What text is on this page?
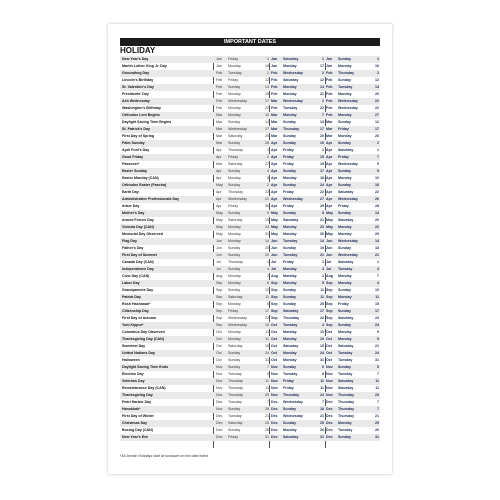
IMPORTANT DATES
HOLIDAY
New Year's Day	Jan	Friday	1 Jan	Saturday	1 Jan	Sunday	1
Martin Luther King Jr. Day	Jan	Monday	18 Jan	Monday	17 Jan	Monday	16
Groundhog Day	Feb	Tuesday	2 Feb	Wednesday	2 Feb	Thursday	2
Lincoln's Birthday	Feb	Friday	12 Feb	Saturday	12 Feb	Sunday	12
St. Valentine's Day	Feb	Sunday	14 Feb	Monday	14 Feb	Tuesday	14
Presidents' Day	Feb	Monday	15 Feb	Monday	21 Feb	Monday	20
Ash Wednesday	Feb	Wednesday	17 Mar	Wednesday	2 Feb	Wednesday	22
Washington's Birthday	Feb	Monday	22 Feb	Tuesday	22 Feb	Wednesday	22
Orthodox Lent Begins	Mar	Monday	15 Mar	Monday	7 Feb	Monday	27
Daylight Saving Time Begins	Mar	Sunday	14 Mar	Sunday	13 Mar	Sunday	12
St. Patrick's Day	Mar	Wednesday	17 Mar	Thursday	17 Mar	Friday	17
First Day of Spring	Mar	Saturday	20 Mar	Sunday	20 Mar	Monday	20
Palm Sunday	Mar	Sunday	28 Apr	Sunday	10 Apr	Sunday	2
April Fool's Day	Apr	Thursday	1 Apr	Friday	1 Apr	Saturday	1
Good Friday	Apr	Friday	2 Apr	Friday	15 Apr	Friday	7
Passover*	Mar	Saturday	27 Apr	Friday	15 Apr	Wednesday	5
Easter Sunday	Apr	Sunday	4 Apr	Sunday	17 Apr	Sunday	9
Easter Monday (CAN)	Apr	Monday	5 Apr	Monday	18 Apr	Monday	10
Orthodox Easter (Pascha)	May	Sunday	2 Apr	Sunday	24 Apr	Sunday	16
Earth Day	Apr	Thursday	22 Apr	Friday	22 Apr	Saturday	22
Administrative Professionals Day	Apr	Wednesday	21 Apr	Wednesday	27 Apr	Wednesday	26
Arbor Day	Apr	Friday	30 Apr	Friday	29 Apr	Friday	28
Mother's Day	May	Sunday	9 May	Sunday	8 May	Sunday	14
Armed Forces Day	May	Saturday	15 May	Saturday	21 May	Saturday	20
Victoria Day (CAN)	May	Monday	24 May	Monday	23 May	Monday	22
Memorial Day Observed	May	Monday	31 May	Monday	30 May	Monday	29
Flag Day	Jun	Monday	14 Jun	Tuesday	14 Jun	Wednesday	14
Father's Day	Jun	Sunday	20 Jun	Sunday	19 Jun	Sunday	18
First Day of Summer	Jun	Sunday	20 Jun	Tuesday	21 Jun	Wednesday	21
Canada Day (CAN)	Jul	Thursday	1 Jul	Friday	1 Jul	Saturday	1
Independence Day	Jul	Sunday	4 Jul	Monday	4 Jul	Tuesday	4
Civic Day (CAN)	Aug	Monday	2 Aug	Monday	1 Aug	Monday	7
Labor Day	Sep	Monday	6 Sep	Monday	5 Sep	Monday	4
Grandparents Day	Sep	Sunday	12 Sep	Sunday	11 Sep	Sunday	10
Patriot Day	Sep	Saturday	11 Sep	Sunday	11 Sep	Monday	11
Rosh Hashanah*	Sep	Monday	6 Sep	Sunday	25 Sep	Friday	15
Citizenship Day	Sep	Friday	17 Sep	Saturday	17 Sep	Sunday	17
First Day of Autumn	Sep	Wednesday	22 Sep	Thursday	22 Sep	Saturday	23
Yom Kippur*	Sep	Wednesday	15 Oct	Tuesday	4 Sep	Sunday	24
Columbus Day Observed	Oct	Monday	11 Oct	Monday	10 Oct	Monday	9
Thanksgiving Day (CAN)	Oct	Monday	11 Oct	Monday	10 Oct	Monday	9
Sweetest Day	Oct	Saturday	16 Oct	Saturday	15 Oct	Saturday	21
United Nations Day	Oct	Sunday	24 Oct	Monday	24 Oct	Tuesday	24
Halloween	Oct	Sunday	31 Oct	Monday	31 Oct	Tuesday	31
Daylight Saving Time Ends	Nov	Sunday	7 Nov	Sunday	6 Nov	Sunday	5
Election Day	Nov	Tuesday	2 Nov	Tuesday	8 Nov	Tuesday	7
Veterans Day	Nov	Thursday	11 Nov	Friday	11 Nov	Saturday	11
Remembrance Day (CAN)	Nov	Thursday	11 Nov	Friday	11 Nov	Saturday	11
Thanksgiving Day	Nov	Thursday	25 Nov	Thursday	24 Nov	Thursday	23
Pearl Harbor Day	Dec	Tuesday	7 Dec	Wednesday	7 Dec	Thursday	7
Hanukkah*	Nov	Sunday	28 Dec	Sunday	18 Dec	Thursday	7
First Day of Winter	Dec	Tuesday	21 Dec	Wednesday	21 Dec	Thursday	21
Christmas Day	Dec	Saturday	25 Dec	Sunday	25 Dec	Monday	25
Boxing Day (CAN)	Dec	Sunday	26 Dec	Monday	26 Dec	Tuesday	26
New Year's Eve	Dec	Friday	31 Dec	Saturday	31 Dec	Sunday	31
*All Jewish Holidays start at sundown on the date listed
